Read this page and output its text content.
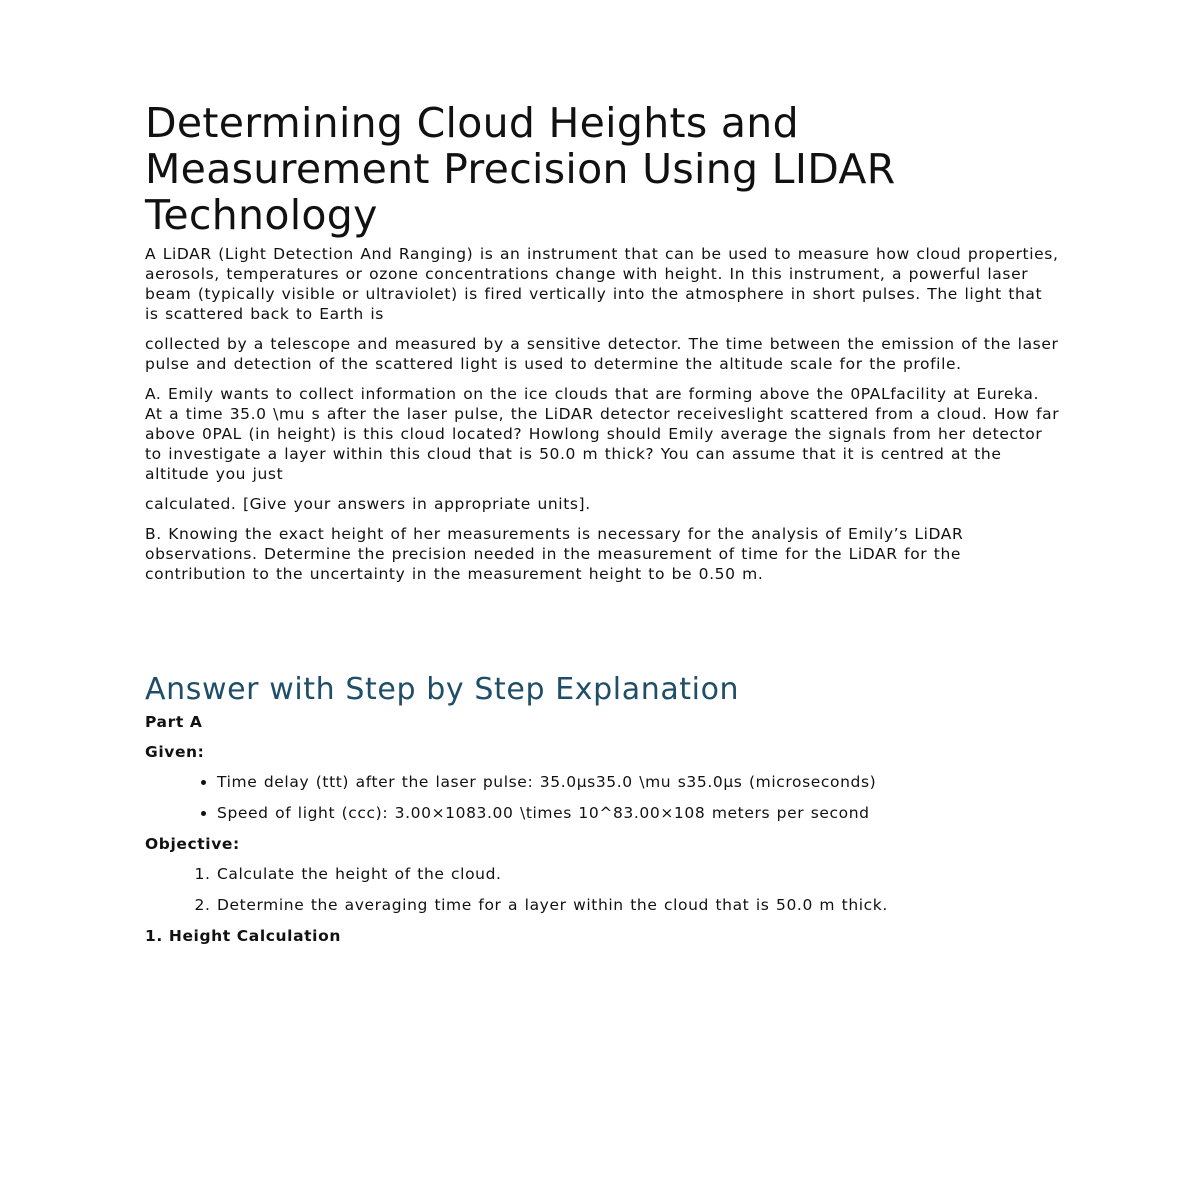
Determining Cloud Heights and Measurement Precision Using LIDAR Technology

A LiDAR (Light Detection And Ranging) is an instrument that can be used to measure how cloud properties, aerosols, temperatures or ozone concentrations change with height. In this instrument, a powerful laser beam (typically visible or ultraviolet) is fired vertically into the atmosphere in short pulses. The light that is scattered back to Earth is

collected by a telescope and measured by a sensitive detector. The time between the emission of the laser pulse and detection of the scattered light is used to determine the altitude scale for the profile.

A. Emily wants to collect information on the ice clouds that are forming above the 0PALfacility at Eureka. At a time 35.0 \mu s after the laser pulse, the LiDAR detector receiveslight scattered from a cloud. How far above 0PAL (in height) is this cloud located? Howlong should Emily average the signals from her detector to investigate a layer within this cloud that is 50.0 m thick? You can assume that it is centred at the altitude you just

calculated. [Give your answers in appropriate units].

B. Knowing the exact height of her measurements is necessary for the analysis of Emily’s LiDAR observations. Determine the precision needed in the measurement of time for the LiDAR for the contribution to the uncertainty in the measurement height to be 0.50 m.

Answer with Step by Step Explanation

Part A

Given:

• Time delay (ttt) after the laser pulse: 35.0μs35.0 \mu s35.0μs (microseconds)
• Speed of light (ccc): 3.00×1083.00 \times 10^83.00×108 meters per second

Objective:

1. Calculate the height of the cloud.
2. Determine the averaging time for a layer within the cloud that is 50.0 m thick.

1. Height Calculation
